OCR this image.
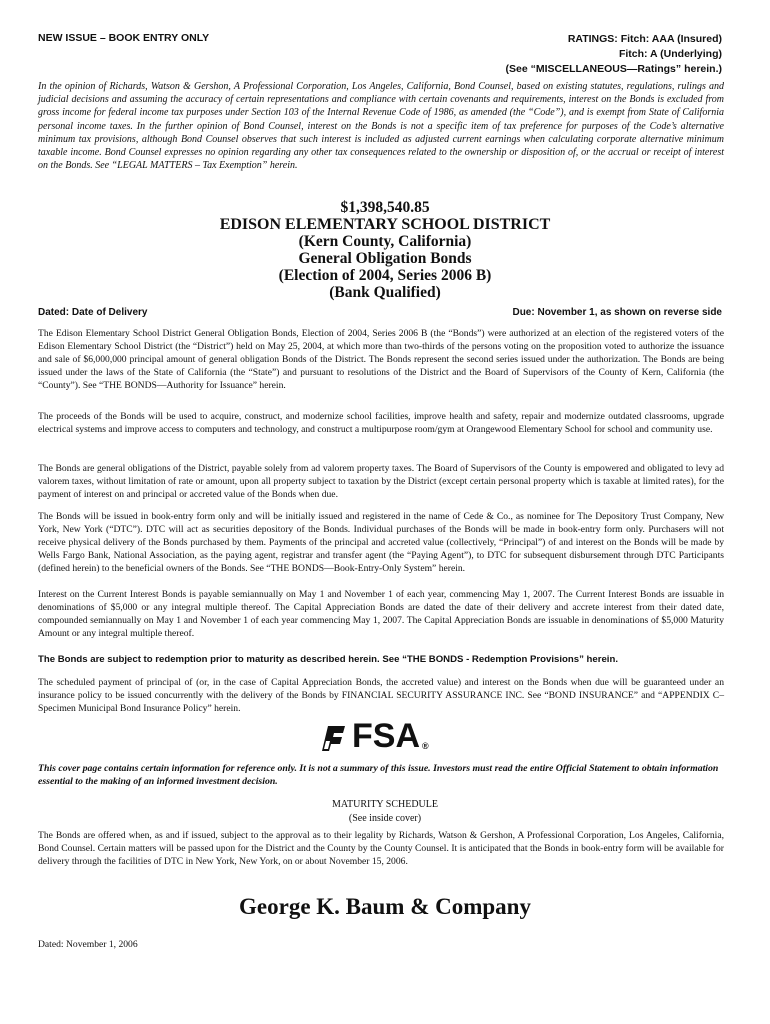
NEW ISSUE – BOOK ENTRY ONLY	RATINGS: Fitch: AAA (Insured)
Fitch: A (Underlying)
(See “MISCELLANEOUS—Ratings” herein.)
In the opinion of Richards, Watson & Gershon, A Professional Corporation, Los Angeles, California, Bond Counsel, based on existing statutes, regulations, rulings and judicial decisions and assuming the accuracy of certain representations and compliance with certain covenants and requirements, interest on the Bonds is excluded from gross income for federal income tax purposes under Section 103 of the Internal Revenue Code of 1986, as amended (the “Code”), and is exempt from State of California personal income taxes. In the further opinion of Bond Counsel, interest on the Bonds is not a specific item of tax preference for purposes of the Code’s alternative minimum tax provisions, although Bond Counsel observes that such interest is included as adjusted current earnings when calculating corporate alternative minimum taxable income. Bond Counsel expresses no opinion regarding any other tax consequences related to the ownership or disposition of, or the accrual or receipt of interest on the Bonds. See “LEGAL MATTERS – Tax Exemption” herein.
$1,398,540.85
EDISON ELEMENTARY SCHOOL DISTRICT
(Kern County, California)
General Obligation Bonds
(Election of 2004, Series 2006 B)
(Bank Qualified)
Dated: Date of Delivery	Due: November 1, as shown on reverse side
The Edison Elementary School District General Obligation Bonds, Election of 2004, Series 2006 B (the “Bonds”) were authorized at an election of the registered voters of the Edison Elementary School District (the “District”) held on May 25, 2004, at which more than two-thirds of the persons voting on the proposition voted to authorize the issuance and sale of $6,000,000 principal amount of general obligation Bonds of the District. The Bonds represent the second series issued under the authorization. The Bonds are being issued under the laws of the State of California (the “State”) and pursuant to resolutions of the District and the Board of Supervisors of the County of Kern, California (the “County”). See “THE BONDS—Authority for Issuance” herein.
The proceeds of the Bonds will be used to acquire, construct, and modernize school facilities, improve health and safety, repair and modernize outdated classrooms, upgrade electrical systems and improve access to computers and technology, and construct a multipurpose room/gym at Orangewood Elementary School for school and community use.
The Bonds are general obligations of the District, payable solely from ad valorem property taxes. The Board of Supervisors of the County is empowered and obligated to levy ad valorem taxes, without limitation of rate or amount, upon all property subject to taxation by the District (except certain personal property which is taxable at limited rates), for the payment of interest on and principal or accreted value of the Bonds when due.
The Bonds will be issued in book-entry form only and will be initially issued and registered in the name of Cede & Co., as nominee for The Depository Trust Company, New York, New York (“DTC”). DTC will act as securities depository of the Bonds. Individual purchases of the Bonds will be made in book-entry form only. Purchasers will not receive physical delivery of the Bonds purchased by them. Payments of the principal and accreted value (collectively, “Principal”) of and interest on the Bonds will be made by Wells Fargo Bank, National Association, as the paying agent, registrar and transfer agent (the “Paying Agent”), to DTC for subsequent disbursement through DTC Participants (defined herein) to the beneficial owners of the Bonds. See “THE BONDS—Book-Entry-Only System” herein.
Interest on the Current Interest Bonds is payable semiannually on May 1 and November 1 of each year, commencing May 1, 2007. The Current Interest Bonds are issuable in denominations of $5,000 or any integral multiple thereof. The Capital Appreciation Bonds are dated the date of their delivery and accrete interest from their dated date, compounded semiannually on May 1 and November 1 of each year commencing May 1, 2007. The Capital Appreciation Bonds are issuable in denominations of $5,000 Maturity Amount or any integral multiple thereof.
The Bonds are subject to redemption prior to maturity as described herein. See “THE BONDS - Redemption Provisions” herein.
The scheduled payment of principal of (or, in the case of Capital Appreciation Bonds, the accreted value) and interest on the Bonds when due will be guaranteed under an insurance policy to be issued concurrently with the delivery of the Bonds by FINANCIAL SECURITY ASSURANCE INC. See “BOND INSURANCE” and “APPENDIX C–Specimen Municipal Bond Insurance Policy” herein.
FSA ®
This cover page contains certain information for reference only. It is not a summary of this issue. Investors must read the entire Official Statement to obtain information essential to the making of an informed investment decision.
MATURITY SCHEDULE
(See inside cover)
The Bonds are offered when, as and if issued, subject to the approval as to their legality by Richards, Watson & Gershon, A Professional Corporation, Los Angeles, California, Bond Counsel. Certain matters will be passed upon for the District and the County by the County Counsel. It is anticipated that the Bonds in book-entry form will be available for delivery through the facilities of DTC in New York, New York, on or about November 15, 2006.
George K. Baum & Company
Dated: November 1, 2006
